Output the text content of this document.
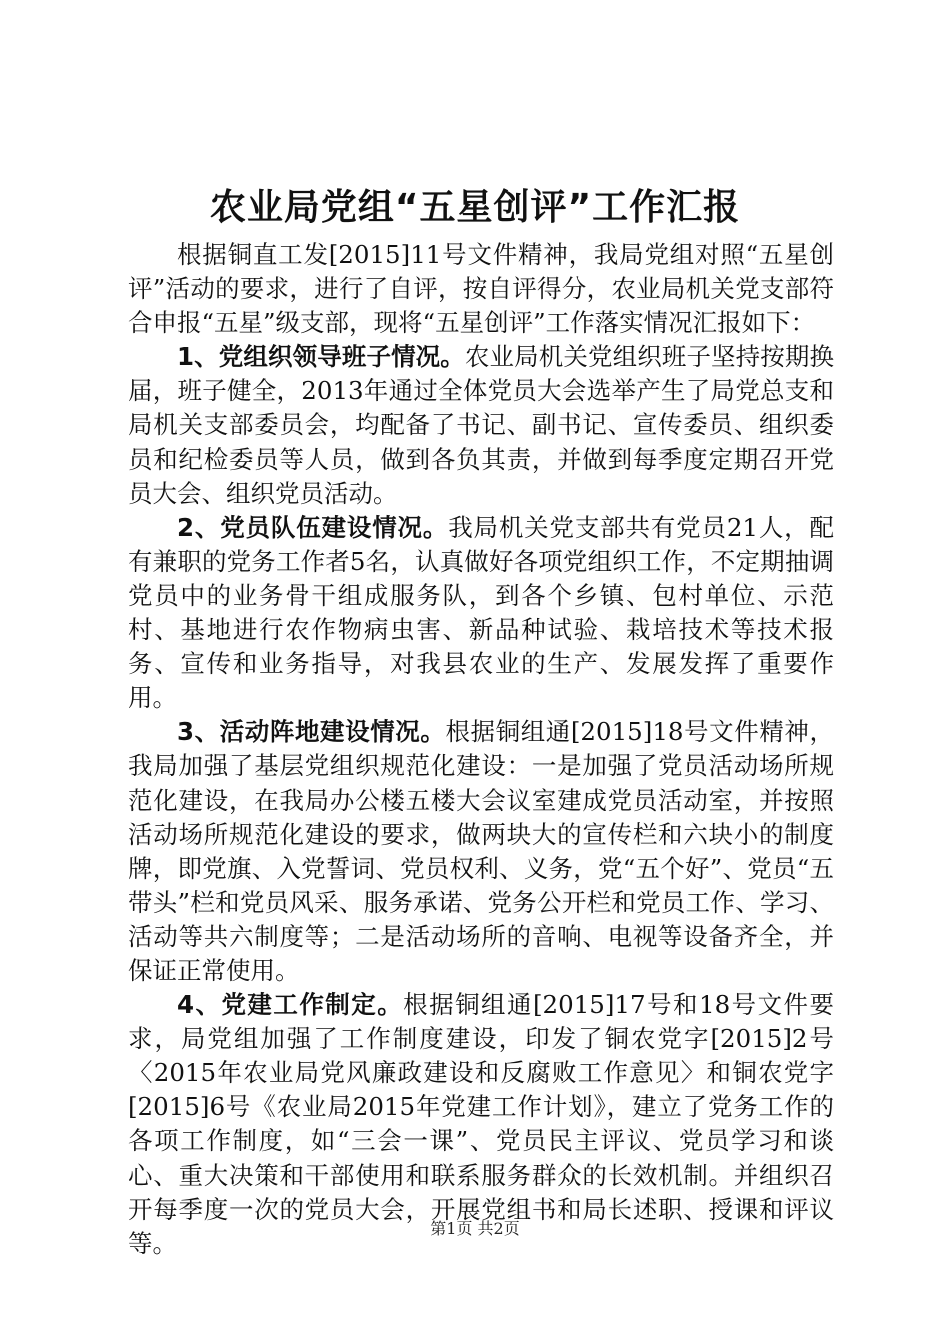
农业局党组“五星创评”工作汇报

根据铜直工发[2015]11号文件精神，我局党组对照“五星创评”活动的要求，进行了自评，按自评得分，农业局机关党支部符合申报“五星”级支部，现将“五星创评”工作落实情况汇报如下：

1、党组织领导班子情况。农业局机关党组织班子坚持按期换届，班子健全，2013年通过全体党员大会选举产生了局党总支和局机关支部委员会，均配备了书记、副书记、宣传委员、组织委员和纪检委员等人员，做到各负其责，并做到每季度定期召开党员大会、组织党员活动。

2、党员队伍建设情况。我局机关党支部共有党员21人，配有兼职的党务工作者5名，认真做好各项党组织工作，不定期抽调党员中的业务骨干组成服务队，到各个乡镇、包村单位、示范村、基地进行农作物病虫害、新品种试验、栽培技术等技术报务、宣传和业务指导，对我县农业的生产、发展发挥了重要作用。

3、活动阵地建设情况。根据铜组通[2015]18号文件精神，我局加强了基层党组织规范化建设：一是加强了党员活动场所规范化建设，在我局办公楼五楼大会议室建成党员活动室，并按照活动场所规范化建设的要求，做两块大的宣传栏和六块小的制度牌，即党旗、入党誓词、党员权利、义务，党“五个好”、党员“五带头”栏和党员风采、服务承诺、党务公开栏和党员工作、学习、活动等共六制度等；二是活动场所的音响、电视等设备齐全，并保证正常使用。

4、党建工作制定。根据铜组通[2015]17号和18号文件要求，局党组加强了工作制度建设，印发了铜农党字[2015]2号〈2015年农业局党风廉政建设和反腐败工作意见〉和铜农党字[2015]6号《农业局2015年党建工作计划》，建立了党务工作的各项工作制度，如“三会一课”、党员民主评议、党员学习和谈心、重大决策和干部使用和联系服务群众的长效机制。并组织召开每季度一次的党员大会，开展党组书和局长述职、授课和评议等。

第1页 共2页
